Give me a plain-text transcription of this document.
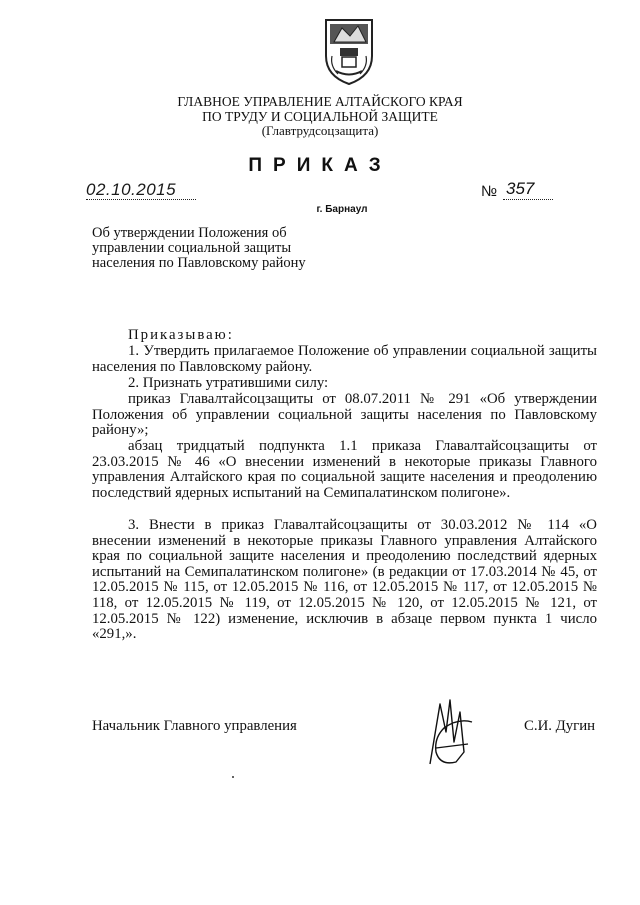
ГЛАВНОЕ УПРАВЛЕНИЕ АЛТАЙСКОГО КРАЯ
ПО ТРУДУ И СОЦИАЛЬНОЙ ЗАЩИТЕ
(Главтрудсоцзащита)
ПРИКАЗ
02.10.2015
г. Барнаул
№ 357
Об утверждении Положения об управлении социальной защиты населения по Павловскому району
Приказываю:
1. Утвердить прилагаемое Положение об управлении социальной защиты населения по Павловскому району.
2. Признать утратившими силу:
приказ Главалтайсоцзащиты от 08.07.2011 № 291 «Об утверждении Положения об управлении социальной защиты населения по Павловскому району»;
абзац тридцатый подпункта 1.1 приказа Главалтайсоцзащиты от 23.03.2015 № 46 «О внесении изменений в некоторые приказы Главного управления Алтайского края по социальной защите населения и преодолению последствий ядерных испытаний на Семипалатинском полигоне».
3. Внести в приказ Главалтайсоцзащиты от 30.03.2012 № 114 «О внесении изменений в некоторые приказы Главного управления Алтайского края по социальной защите населения и преодолению последствий ядерных испытаний на Семипалатинском полигоне» (в редакции от 17.03.2014 № 45, от 12.05.2015 № 115, от 12.05.2015 № 116, от 12.05.2015 № 117, от 12.05.2015 № 118, от 12.05.2015 № 119, от 12.05.2015 № 120, от 12.05.2015 № 121, от 12.05.2015 № 122) изменение, исключив в абзаце первом пункта 1 число «291,».
Начальник Главного управления	С.И. Дугин
